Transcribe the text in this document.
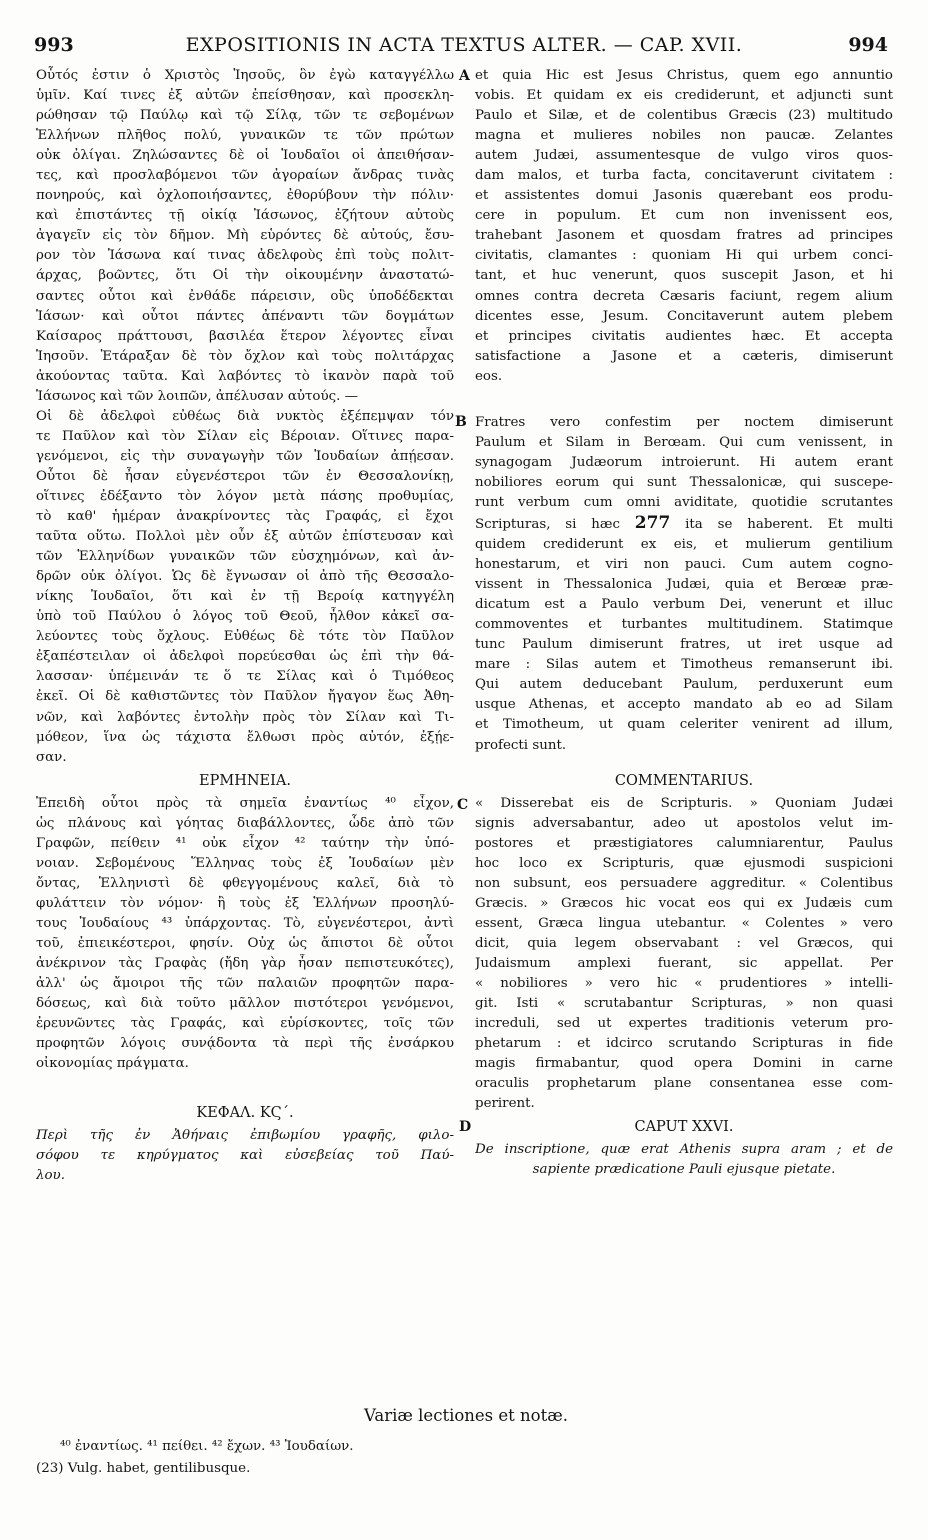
993	EXPOSITIONIS IN ACTA TEXTUS ALTER. — CAP. XVII.	994
A
B
C
D
Οὗτός ἐστιν ὁ Χριστὸς Ἰησοῦς, ὃν ἐγὼ καταγγέλλω
ὑμῖν. Καί τινες ἐξ αὐτῶν ἐπείσθησαν, καὶ προσεκλη-
ρώθησαν τῷ Παύλῳ καὶ τῷ Σίλᾳ, τῶν τε σεβομένων
Ἑλλήνων πλῆθος πολύ, γυναικῶν τε τῶν πρώτων
οὐκ ὀλίγαι. Ζηλώσαντες δὲ οἱ Ἰουδαῖοι οἱ ἀπειθήσαν-
τες, καὶ προσλαβόμενοι τῶν ἀγοραίων ἄνδρας τινὰς
πονηρούς, καὶ ὀχλοποιήσαντες, ἐθορύβουν τὴν πόλιν·
καὶ ἐπιστάντες τῇ οἰκίᾳ Ἰάσωνος, ἐζήτουν αὐτοὺς
ἀγαγεῖν εἰς τὸν δῆμον. Μὴ εὑρόντες δὲ αὐτούς, ἔσυ-
ρον τὸν Ἰάσωνα καί τινας ἀδελφοὺς ἐπὶ τοὺς πολιτ-
άρχας, βοῶντες, ὅτι Οἱ τὴν οἰκουμένην ἀναστατώ-
σαντες οὗτοι καὶ ἐνθάδε πάρεισιν, οὓς ὑποδέδεκται
Ἰάσων· καὶ οὗτοι πάντες ἀπέναντι τῶν δογμάτων
Καίσαρος πράττουσι, βασιλέα ἕτερον λέγοντες εἶναι
Ἰησοῦν. Ἐτάραξαν δὲ τὸν ὄχλον καὶ τοὺς πολιτάρχας
ἀκούοντας ταῦτα. Καὶ λαβόντες τὸ ἱκανὸν παρὰ τοῦ
Ἰάσωνος καὶ τῶν λοιπῶν, ἀπέλυσαν αὐτούς. —
Οἱ δὲ ἀδελφοὶ εὐθέως διὰ νυκτὸς ἐξέπεμψαν τόν
τε Παῦλον καὶ τὸν Σίλαν εἰς Βέροιαν. Οἵτινες παρα-
γενόμενοι, εἰς τὴν συναγωγὴν τῶν Ἰουδαίων ἀπῄεσαν.
Οὗτοι δὲ ἦσαν εὐγενέστεροι τῶν ἐν Θεσσαλονίκῃ,
οἵτινες ἐδέξαντο τὸν λόγον μετὰ πάσης προθυμίας,
τὸ καθ' ἡμέραν ἀνακρίνοντες τὰς Γραφάς, εἰ ἔχοι
ταῦτα οὕτω. Πολλοὶ μὲν οὖν ἐξ αὐτῶν ἐπίστευσαν καὶ
τῶν Ἑλληνίδων γυναικῶν τῶν εὐσχημόνων, καὶ ἀν-
δρῶν οὐκ ὀλίγοι. Ὡς δὲ ἔγνωσαν οἱ ἀπὸ τῆς Θεσσαλο-
νίκης Ἰουδαῖοι, ὅτι καὶ ἐν τῇ Βεροίᾳ κατηγγέλη
ὑπὸ τοῦ Παύλου ὁ λόγος τοῦ Θεοῦ, ἦλθον κἀκεῖ σα-
λεύοντες τοὺς ὄχλους. Εὐθέως δὲ τότε τὸν Παῦλον
ἐξαπέστειλαν οἱ ἀδελφοὶ πορεύεσθαι ὡς ἐπὶ τὴν θά-
λασσαν· ὑπέμεινάν τε ὅ τε Σίλας καὶ ὁ Τιμόθεος
ἐκεῖ. Οἱ δὲ καθιστῶντες τὸν Παῦλον ἤγαγον ἕως Ἀθη-
νῶν, καὶ λαβόντες ἐντολὴν πρὸς τὸν Σίλαν καὶ Τι-
μόθεον, ἵνα ὡς τάχιστα ἔλθωσι πρὸς αὐτόν, ἐξῄε-
σαν.
ΕΡΜΗΝΕΙΑ.
Ἐπειδὴ οὗτοι πρὸς τὰ σημεῖα ἐναντίως ⁴⁰ εἶχον,
ὡς πλάνους καὶ γόητας διαβάλλοντες, ὧδε ἀπὸ τῶν
Γραφῶν, πείθειν ⁴¹ οὐκ εἶχον ⁴² ταύτην τὴν ὑπό-
νοιαν. Σεβομένους Ἕλληνας τοὺς ἐξ Ἰουδαίων μὲν
ὄντας, Ἑλληνιστὶ δὲ φθεγγομένους καλεῖ, διὰ τὸ
φυλάττειν τὸν νόμον· ἢ τοὺς ἐξ Ἑλλήνων προσηλύ-
τους Ἰουδαίους ⁴³ ὑπάρχοντας. Τὸ, εὐγενέστεροι, ἀντὶ
τοῦ, ἐπιεικέστεροι, φησίν. Οὐχ ὡς ἄπιστοι δὲ οὗτοι
ἀνέκρινον τὰς Γραφὰς (ἤδη γὰρ ἦσαν πεπιστευκότες),
ἀλλ' ὡς ἄμοιροι τῆς τῶν παλαιῶν προφητῶν παρα-
δόσεως, καὶ διὰ τοῦτο μᾶλλον πιστότεροι γενόμενοι,
ἐρευνῶντες τὰς Γραφάς, καὶ εὑρίσκοντες, τοῖς τῶν
προφητῶν λόγοις συνᾴδοντα τὰ περὶ τῆς ἐνσάρκου
οἰκονομίας πράγματα.
ΚΕΦΑΛ. ΚϚ΄.
Περὶ τῆς ἐν Ἀθήναις ἐπιβωμίου γραφῆς, φιλο-
σόφου τε κηρύγματος καὶ εὐσεβείας τοῦ Παύ-
λου.
et quia Hic est Jesus Christus, quem ego annuntio
vobis. Et quidam ex eis crediderunt, et adjuncti sunt
Paulo et Silæ, et de colentibus Græcis (23) multitudo
magna et mulieres nobiles non paucæ. Zelantes
autem Judæi, assumentesque de vulgo viros quos-
dam malos, et turba facta, concitaverunt civitatem :
et assistentes domui Jasonis quærebant eos produ-
cere in populum. Et cum non invenissent eos,
trahebant Jasonem et quosdam fratres ad principes
civitatis, clamantes : quoniam Hi qui urbem conci-
tant, et huc venerunt, quos suscepit Jason, et hi
omnes contra decreta Cæsaris faciunt, regem alium
dicentes esse, Jesum. Concitaverunt autem plebem
et principes civitatis audientes hæc. Et accepta
satisfactione a Jasone et a cæteris, dimiserunt
eos.
Fratres vero confestim per noctem dimiserunt
Paulum et Silam in Berœam. Qui cum venissent, in
synagogam Judæorum introierunt. Hi autem erant
nobiliores eorum qui sunt Thessalonicæ, qui suscepe-
runt verbum cum omni aviditate, quotidie scrutantes
Scripturas, si hæc 277 ita se haberent. Et multi
quidem crediderunt ex eis, et mulierum gentilium
honestarum, et viri non pauci. Cum autem cogno-
vissent in Thessalonica Judæi, quia et Berœæ præ-
dicatum est a Paulo verbum Dei, venerunt et illuc
commoventes et turbantes multitudinem. Statimque
tunc Paulum dimiserunt fratres, ut iret usque ad
mare : Silas autem et Timotheus remanserunt ibi.
Qui autem deducebant Paulum, perduxerunt eum
usque Athenas, et accepto mandato ab eo ad Silam
et Timotheum, ut quam celeriter venirent ad illum,
profecti sunt.
COMMENTARIUS.
« Disserebat eis de Scripturis. » Quoniam Judæi
signis adversabantur, adeo ut apostolos velut im-
postores et præstigiatores calumniarentur, Paulus
hoc loco ex Scripturis, quæ ejusmodi suspicioni
non subsunt, eos persuadere aggreditur. « Colentibus
Græcis. » Græcos hic vocat eos qui ex Judæis cum
essent, Græca lingua utebantur. « Colentes » vero
dicit, quia legem observabant : vel Græcos, qui
Judaismum amplexi fuerant, sic appellat. Per
« nobiliores » vero hic « prudentiores » intelli-
git. Isti « scrutabantur Scripturas, » non quasi
increduli, sed ut expertes traditionis veterum pro-
phetarum : et idcirco scrutando Scripturas in fide
magis firmabantur, quod opera Domini in carne
oraculis prophetarum plane consentanea esse com-
perirent.
CAPUT XXVI.
De inscriptione, quæ erat Athenis supra aram ; et de
sapiente prædicatione Pauli ejusque pietate.
Variæ lectiones et notæ.
⁴⁰ ἐναντίως. ⁴¹ πείθει. ⁴² ἔχων. ⁴³ Ἰουδαίων.
(23) Vulg. habet, gentilibusque.
